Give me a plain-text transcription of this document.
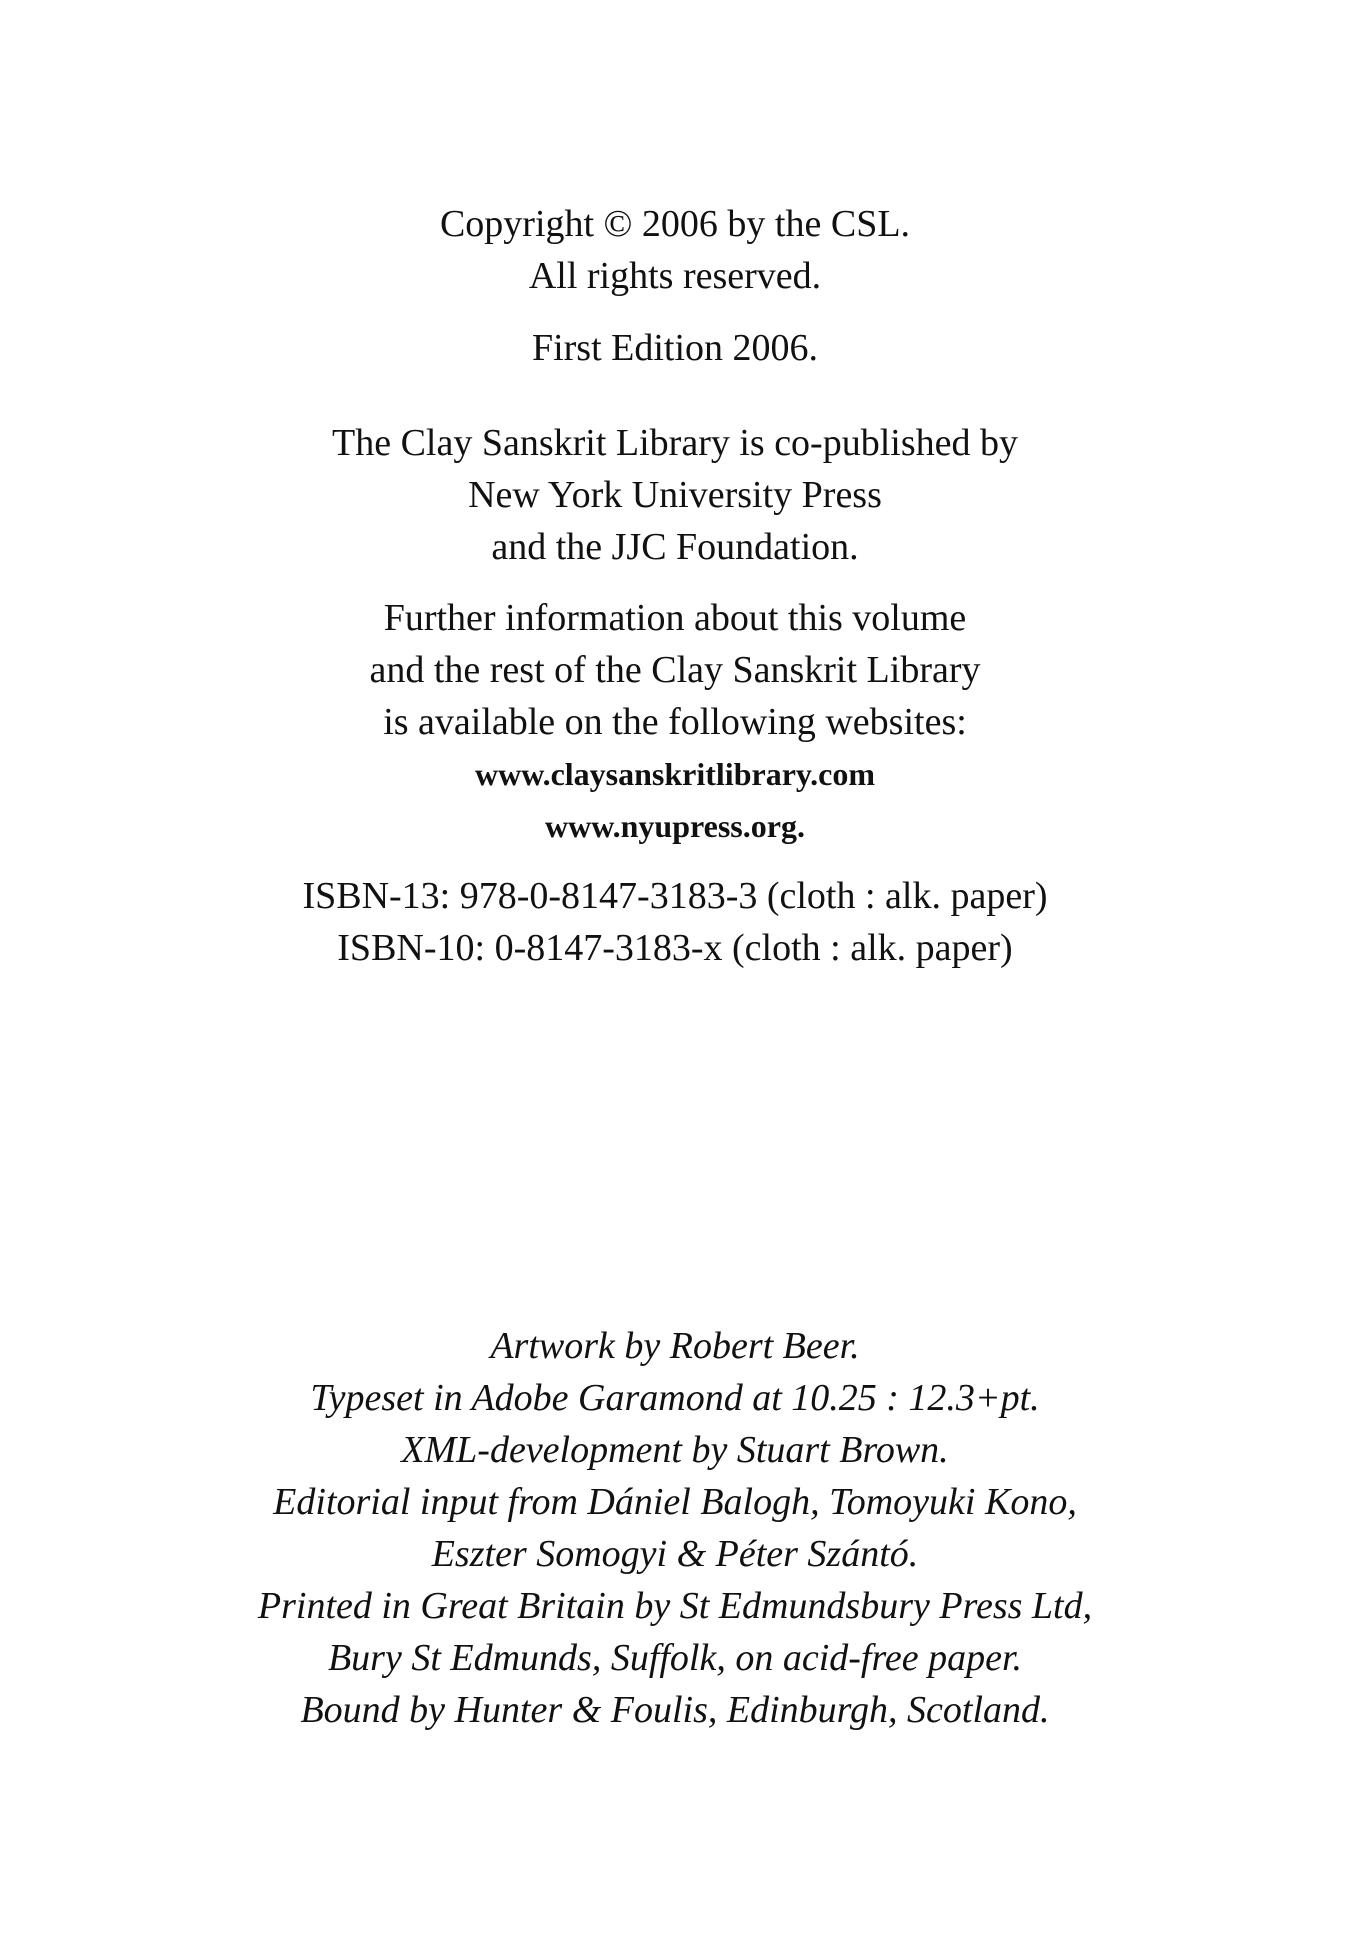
Copyright © 2006 by the CSL.
All rights reserved.
First Edition 2006.
The Clay Sanskrit Library is co-published by
New York University Press
and the JJC Foundation.
Further information about this volume
and the rest of the Clay Sanskrit Library
is available on the following websites:
www.claysanskritlibrary.com
www.nyupress.org.
ISBN-13: 978-0-8147-3183-3 (cloth : alk. paper)
ISBN-10: 0-8147-3183-x (cloth : alk. paper)
Artwork by Robert Beer.
Typeset in Adobe Garamond at 10.25 : 12.3+pt.
XML-development by Stuart Brown.
Editorial input from Dániel Balogh, Tomoyuki Kono,
Eszter Somogyi & Péter Szántó.
Printed in Great Britain by St Edmundsbury Press Ltd,
Bury St Edmunds, Suffolk, on acid-free paper.
Bound by Hunter & Foulis, Edinburgh, Scotland.
